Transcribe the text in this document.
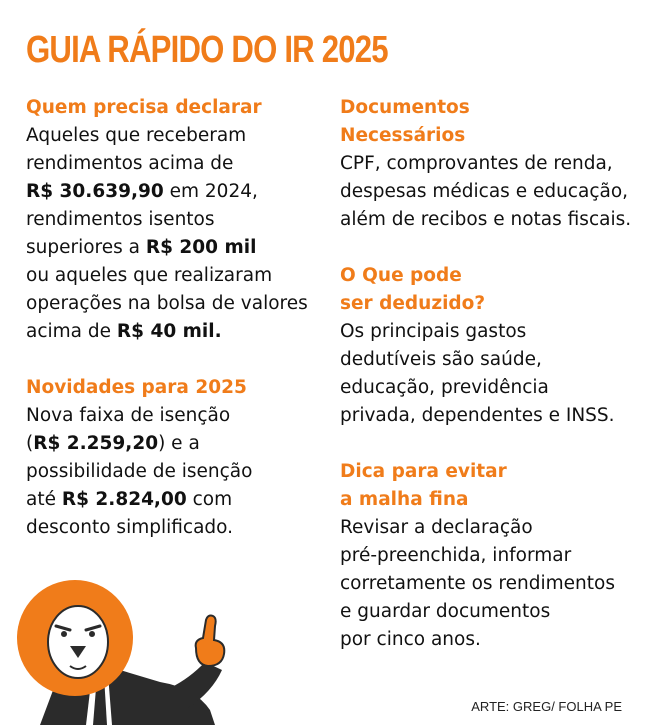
GUIA RÁPIDO DO IR 2025

Quem precisa declarar

Aqueles que receberam
rendimentos acima de
R$ 30.639,90 em 2024,
rendimentos isentos
superiores a R$ 200 mil
ou aqueles que realizaram
operações na bolsa de valores
acima de R$ 40 mil.

Novidades para 2025

Nova faixa de isenção
(R$ 2.259,20) e a
possibilidade de isenção
até R$ 2.824,00 com
desconto simplificado.

Documentos
Necessários

CPF, comprovantes de renda,
despesas médicas e educação,
além de recibos e notas fiscais.

O Que pode
ser deduzido?

Os principais gastos
dedutíveis são saúde,
educação, previdência
privada, dependentes e INSS.

Dica para evitar
a malha fina

Revisar a declaração
pré-preenchida, informar
corretamente os rendimentos
e guardar documentos
por cinco anos.

ARTE: GREG/ FOLHA PE
